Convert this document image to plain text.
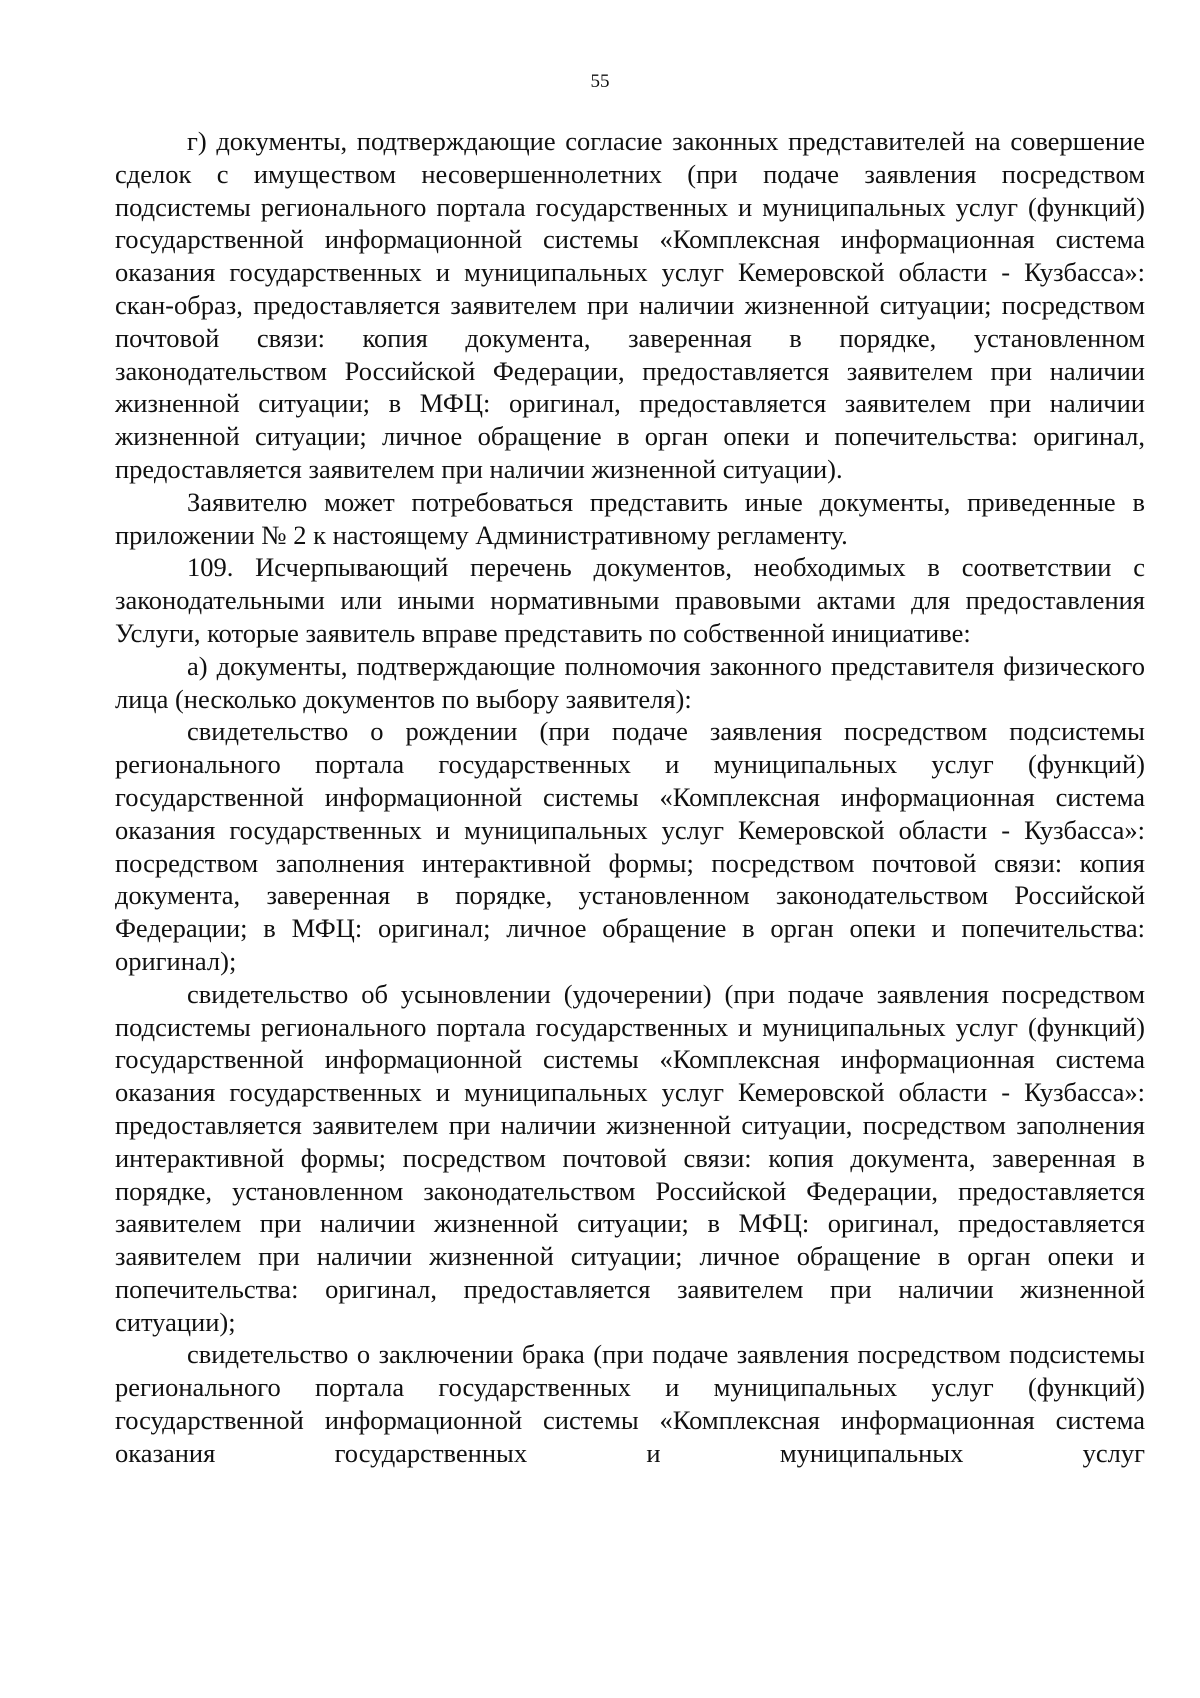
55

г) документы, подтверждающие согласие законных представителей на совершение сделок с имуществом несовершеннолетних (при подаче заявления посредством подсистемы регионального портала государственных и муниципальных услуг (функций) государственной информационной системы «Комплексная информационная система оказания государственных и муниципальных услуг Кемеровской области - Кузбасса»: скан-образ, предоставляется заявителем при наличии жизненной ситуации; посредством почтовой связи: копия документа, заверенная в порядке, установленном законодательством Российской Федерации, предоставляется заявителем при наличии жизненной ситуации; в МФЦ: оригинал, предоставляется заявителем при наличии жизненной ситуации; личное обращение в орган опеки и попечительства: оригинал, предоставляется заявителем при наличии жизненной ситуации).

Заявителю может потребоваться представить иные документы, приведенные в приложении № 2 к настоящему Административному регламенту.

109. Исчерпывающий перечень документов, необходимых в соответствии с законодательными или иными нормативными правовыми актами для предоставления Услуги, которые заявитель вправе представить по собственной инициативе:

а) документы, подтверждающие полномочия законного представителя физического лица (несколько документов по выбору заявителя):

свидетельство о рождении (при подаче заявления посредством подсистемы регионального портала государственных и муниципальных услуг (функций) государственной информационной системы «Комплексная информационная система оказания государственных и муниципальных услуг Кемеровской области - Кузбасса»: посредством заполнения интерактивной формы; посредством почтовой связи: копия документа, заверенная в порядке, установленном законодательством Российской Федерации; в МФЦ: оригинал; личное обращение в орган опеки и попечительства: оригинал);

свидетельство об усыновлении (удочерении) (при подаче заявления посредством подсистемы регионального портала государственных и муниципальных услуг (функций) государственной информационной системы «Комплексная информационная система оказания государственных и муниципальных услуг Кемеровской области - Кузбасса»: предоставляется заявителем при наличии жизненной ситуации, посредством заполнения интерактивной формы; посредством почтовой связи: копия документа, заверенная в порядке, установленном законодательством Российской Федерации, предоставляется заявителем при наличии жизненной ситуации; в МФЦ: оригинал, предоставляется заявителем при наличии жизненной ситуации; личное обращение в орган опеки и попечительства: оригинал, предоставляется заявителем при наличии жизненной ситуации);

свидетельство о заключении брака (при подаче заявления посредством подсистемы регионального портала государственных и муниципальных услуг (функций) государственной информационной системы «Комплексная информационная система оказания государственных и муниципальных услуг
